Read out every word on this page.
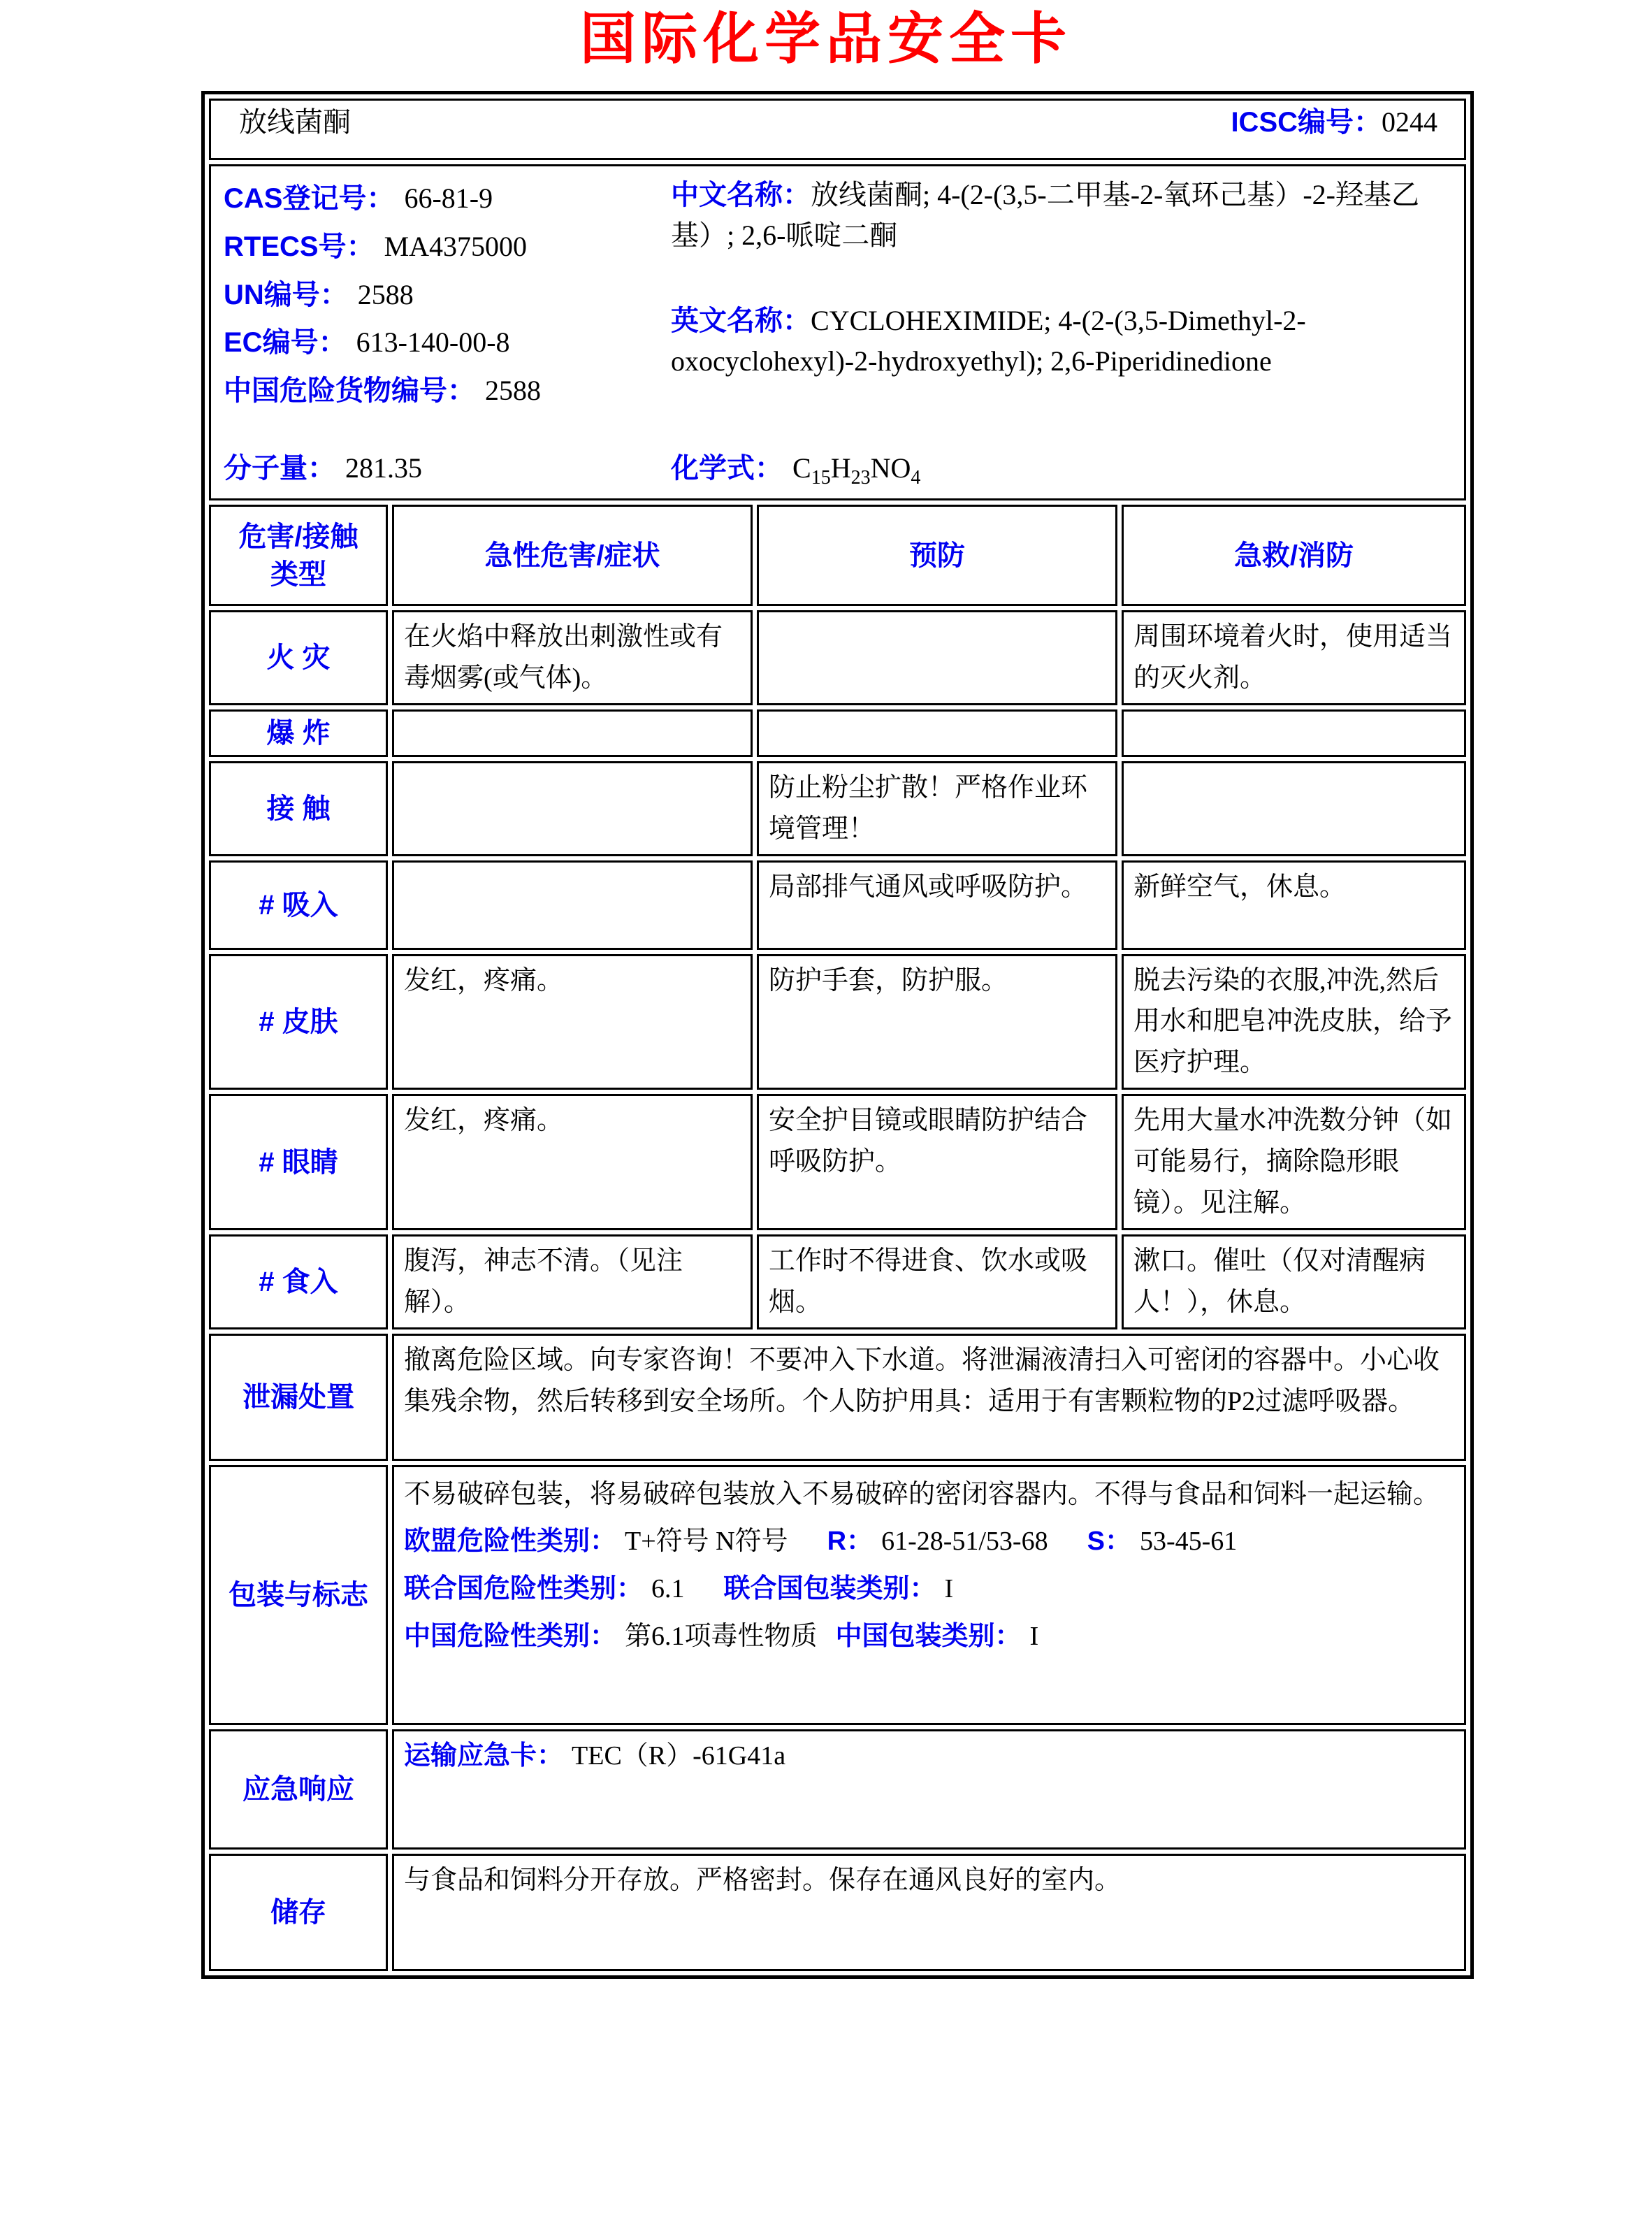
国际化学品安全卡
放线菌酮 ICSC编号：0244			

CAS登记号： 66-81-9
RTECS号： MA4375000
UN编号： 2588
EC编号： 613-140-00-8
中国危险货物编号： 2588
中文名称：放线菌酮; 4-(2-(3,5-二甲基-2-氧环己基）-2-羟基乙基）; 2,6-哌啶二酮
英文名称：CYCLOHEXIMIDE; 4-(2-(3,5-Dimethyl-2-oxocyclohexyl)-2-hydroxyethyl); 2,6-Piperidinedione
分子量： 281.35	化学式： $C_{15}H_{23}NO_4$

危害/接触
类型	急性危害/症状	预防	急救/消防
火 灾	在火焰中释放出刺激性或有毒烟雾(或气体)。		周围环境着火时，使用适当的灭火剂。
爆 炸			
接 触		防止粉尘扩散！严格作业环境管理！	
# 吸入		局部排气通风或呼吸防护。	新鲜空气，休息。
# 皮肤	发红，疼痛。	防护手套，防护服。	脱去污染的衣服,冲洗,然后用水和肥皂冲洗皮肤，给予医疗护理。
# 眼睛	发红，疼痛。	安全护目镜或眼睛防护结合呼吸防护。	先用大量水冲洗数分钟（如可能易行，摘除隐形眼镜）。见注解。
# 食入	腹泻，神志不清。（见注解）。	工作时不得进食、饮水或吸烟。	漱口。催吐（仅对清醒病人！），休息。
泄漏处置	撤离危险区域。向专家咨询！不要冲入下水道。将泄漏液清扫入可密闭的容器中。小心收集残余物，然后转移到安全场所。个人防护用具：适用于有害颗粒物的P2过滤呼吸器。		
包装与标志	不易破碎包装，将易破碎包装放入不易破碎的密闭容器内。不得与食品和饲料一起运输。
欧盟危险性类别： T+符号 N符号 R： 61-28-51/53-68 S： 53-45-61
联合国危险性类别： 6.1 联合国包装类别： I
中国危险性类别： 第6.1项毒性物质 中国包装类别： I		

应急响应	运输应急卡： TEC（R）-61G41a		
储存	与食品和饲料分开存放。严格密封。保存在通风良好的室内。		
